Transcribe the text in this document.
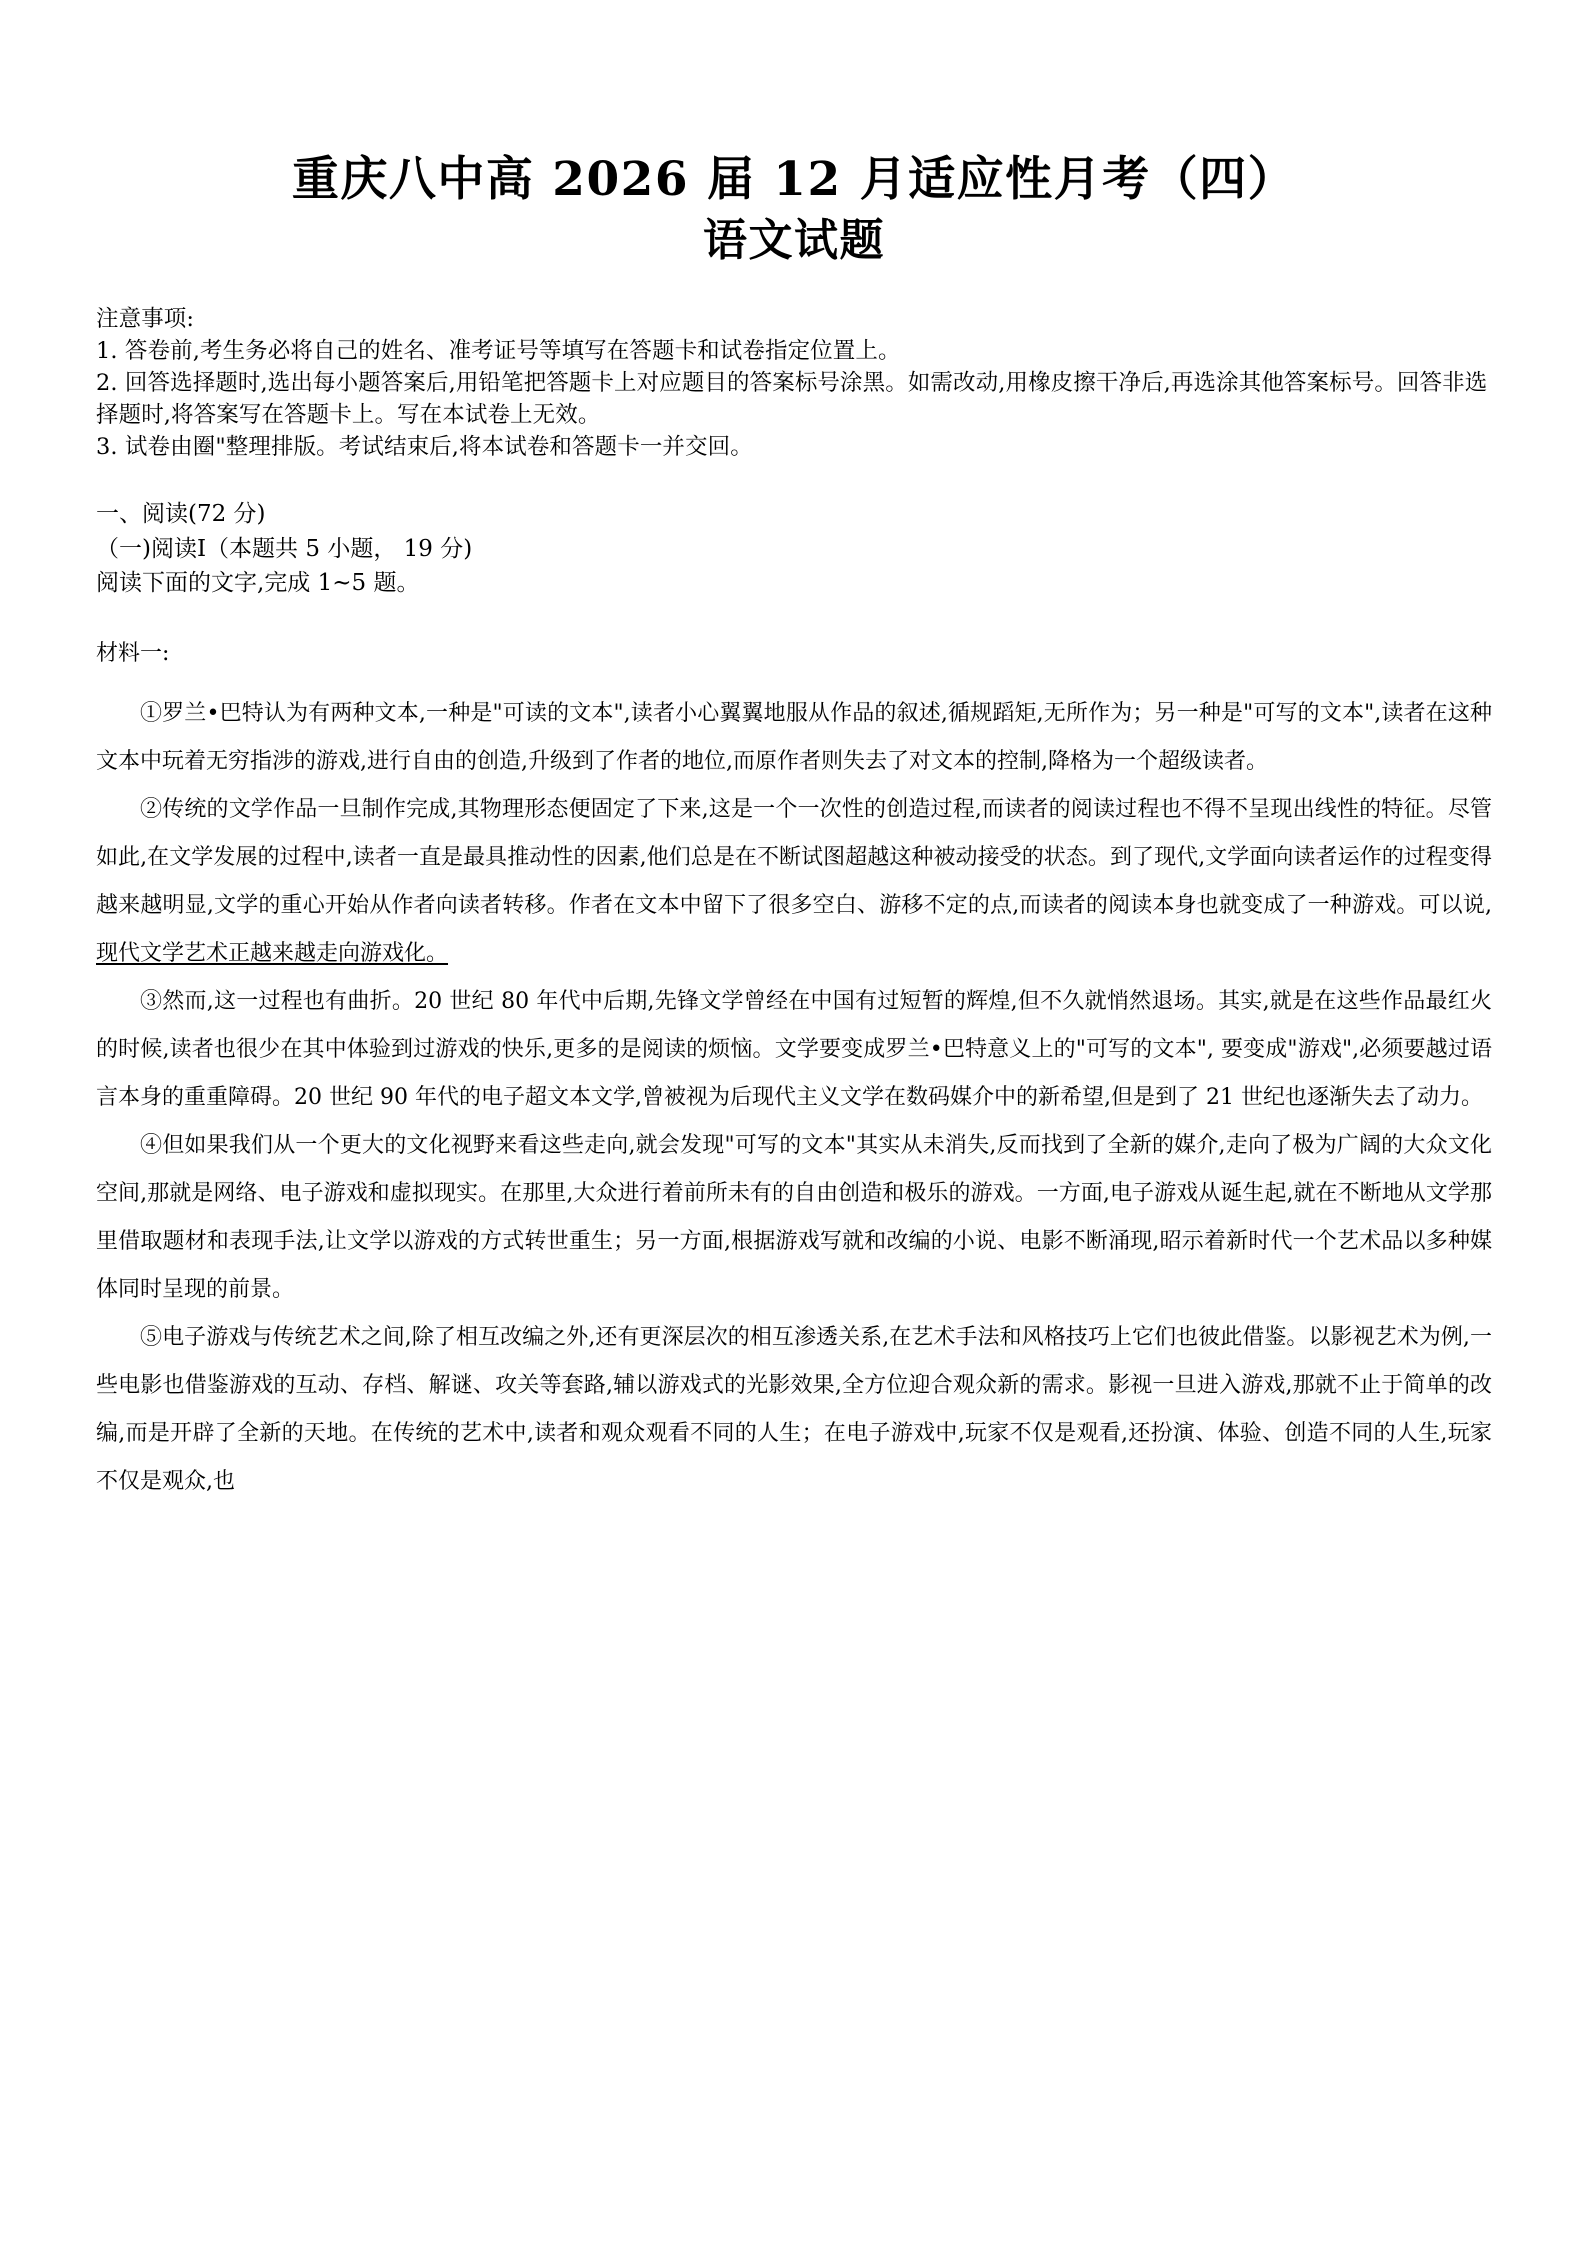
重庆八中高 2026 届 12 月适应性月考（四）
语文试题

注意事项:

1. 答卷前,考生务必将自己的姓名、准考证号等填写在答题卡和试卷指定位置上。

2. 回答选择题时,选出每小题答案后,用铅笔把答题卡上对应题目的答案标号涂黑。如需改动,用橡皮擦干净后,再选涂其他答案标号。回答非选择题时,将答案写在答题卡上。写在本试卷上无效。

3. 试卷由圈"整理排版。考试结束后,将本试卷和答题卡一并交回。

一、阅读(72 分)

（一)阅读Ⅰ（本题共 5 小题， 19 分)

阅读下面的文字,完成 1~5 题。

材料一:

①罗兰•巴特认为有两种文本,一种是"可读的文本",读者小心翼翼地服从作品的叙述,循规蹈矩,无所作为；另一种是"可写的文本",读者在这种文本中玩着无穷指涉的游戏,进行自由的创造,升级到了作者的地位,而原作者则失去了对文本的控制,降格为一个超级读者。

②传统的文学作品一旦制作完成,其物理形态便固定了下来,这是一个一次性的创造过程,而读者的阅读过程也不得不呈现出线性的特征。尽管如此,在文学发展的过程中,读者一直是最具推动性的因素,他们总是在不断试图超越这种被动接受的状态。到了现代,文学面向读者运作的过程变得越来越明显,文学的重心开始从作者向读者转移。作者在文本中留下了很多空白、游移不定的点,而读者的阅读本身也就变成了一种游戏。可以说,现代文学艺术正越来越走向游戏化。

③然而,这一过程也有曲折。20 世纪 80 年代中后期,先锋文学曾经在中国有过短暂的辉煌,但不久就悄然退场。其实,就是在这些作品最红火的时候,读者也很少在其中体验到过游戏的快乐,更多的是阅读的烦恼。文学要变成罗兰•巴特意义上的"可写的文本", 要变成"游戏",必须要越过语言本身的重重障碍。20 世纪 90 年代的电子超文本文学,曾被视为后现代主义文学在数码媒介中的新希望,但是到了 21 世纪也逐渐失去了动力。

④但如果我们从一个更大的文化视野来看这些走向,就会发现"可写的文本"其实从未消失,反而找到了全新的媒介,走向了极为广阔的大众文化空间,那就是网络、电子游戏和虚拟现实。在那里,大众进行着前所未有的自由创造和极乐的游戏。一方面,电子游戏从诞生起,就在不断地从文学那里借取题材和表现手法,让文学以游戏的方式转世重生；另一方面,根据游戏写就和改编的小说、电影不断涌现,昭示着新时代一个艺术品以多种媒体同时呈现的前景。

⑤电子游戏与传统艺术之间,除了相互改编之外,还有更深层次的相互渗透关系,在艺术手法和风格技巧上它们也彼此借鉴。以影视艺术为例,一些电影也借鉴游戏的互动、存档、解谜、攻关等套路,辅以游戏式的光影效果,全方位迎合观众新的需求。影视一旦进入游戏,那就不止于简单的改编,而是开辟了全新的天地。在传统的艺术中,读者和观众观看不同的人生；在电子游戏中,玩家不仅是观看,还扮演、体验、创造不同的人生,玩家不仅是观众,也
